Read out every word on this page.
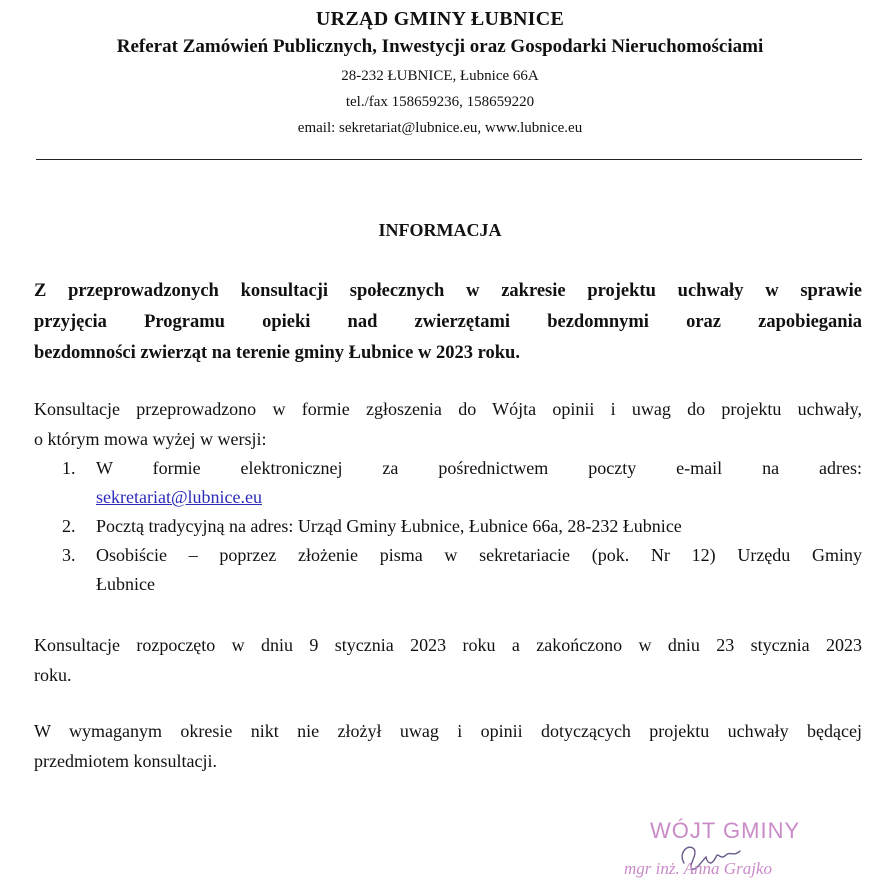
URZĄD GMINY ŁUBNICE
Referat Zamówień Publicznych, Inwestycji oraz Gospodarki Nieruchomościami
28-232 ŁUBNICE, Łubnice 66A
tel./fax 158659236, 158659220
email: sekretariat@lubnice.eu, www.lubnice.eu
INFORMACJA
Z przeprowadzonych konsultacji społecznych w zakresie projektu uchwały w sprawie
przyjęcia Programu opieki nad zwierzętami bezdomnymi oraz zapobiegania
bezdomności zwierząt na terenie gminy Łubnice w 2023 roku.
Konsultacje przeprowadzono w formie zgłoszenia do Wójta opinii i uwag do projektu uchwały,
o którym mowa wyżej w wersji:
1. W formie elektronicznej za pośrednictwem poczty e-mail na adres:
sekretariat@lubnice.eu
2. Pocztą tradycyjną na adres: Urząd Gminy Łubnice, Łubnice 66a, 28-232 Łubnice
3. Osobiście – poprzez złożenie pisma w sekretariacie (pok. Nr 12) Urzędu Gminy
Łubnice
Konsultacje rozpoczęto w dniu 9 stycznia 2023 roku a zakończono w dniu 23 stycznia 2023
roku.
W wymaganym okresie nikt nie złożył uwag i opinii dotyczących projektu uchwały będącej
przedmiotem konsultacji.
WÓJT GMINY
mgr inż. Anna Grajko
